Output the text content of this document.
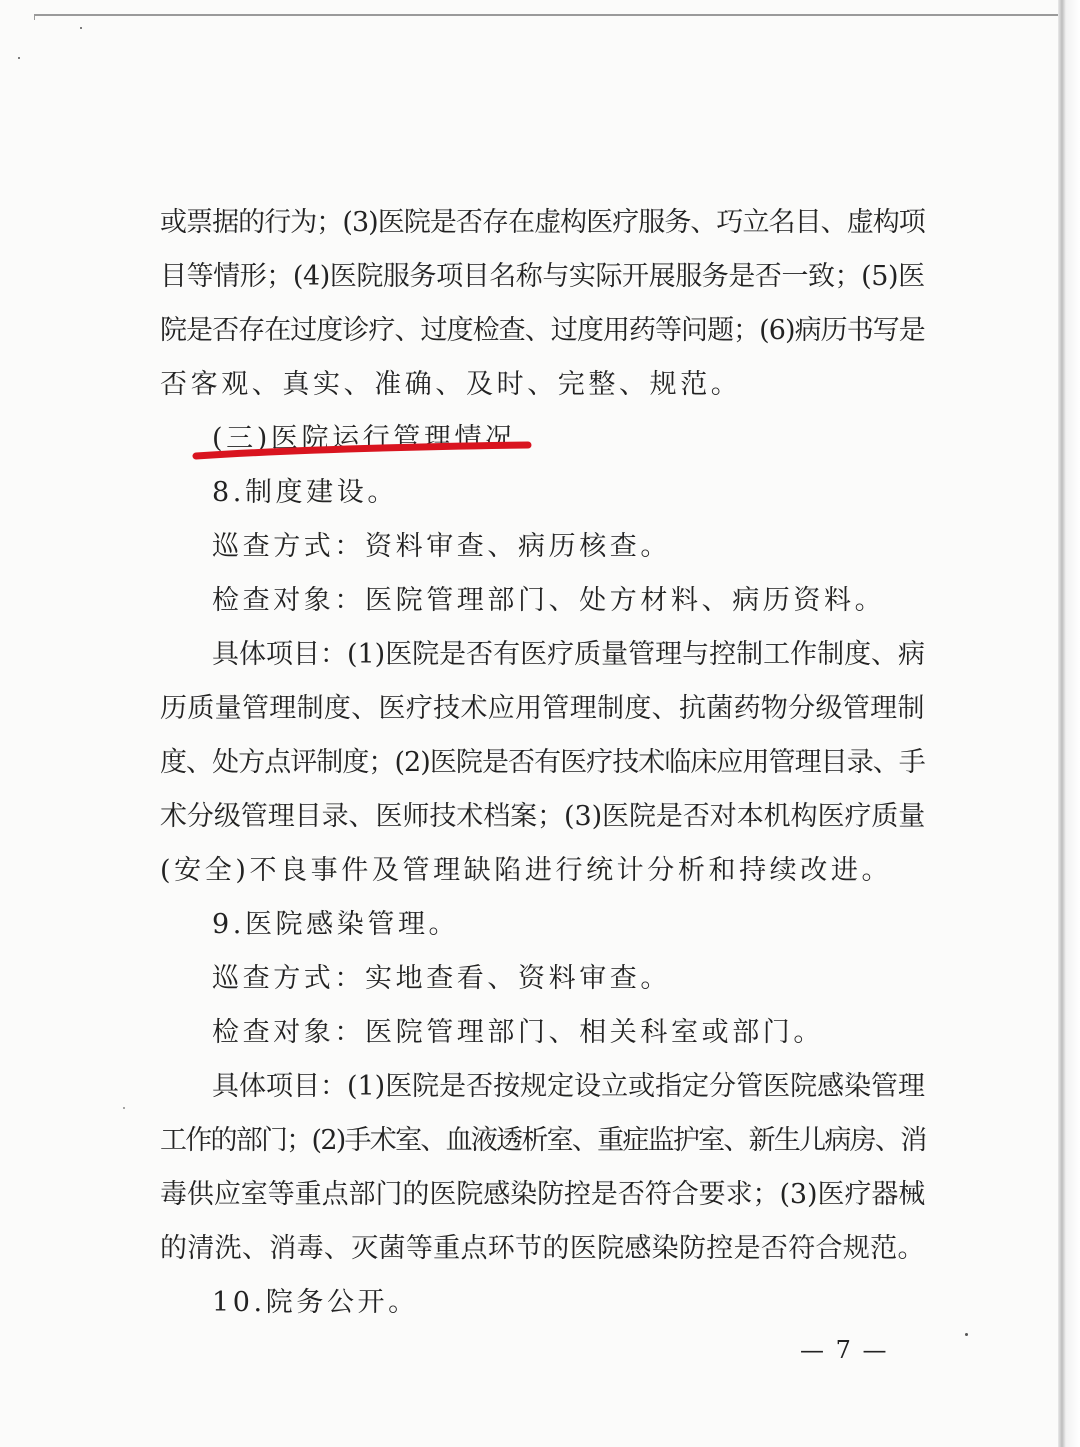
或票据的行为；(3)医院是否存在虚构医疗服务、巧立名目、虚构项
目等情形；(4)医院服务项目名称与实际开展服务是否一致；(5)医
院是否存在过度诊疗、过度检查、过度用药等问题；(6)病历书写是
否客观、真实、准确、及时、完整、规范。
(三)医院运行管理情况
8.制度建设。
巡查方式：资料审查、病历核查。
检查对象：医院管理部门、处方材料、病历资料。
具体项目：(1)医院是否有医疗质量管理与控制工作制度、病
历质量管理制度、医疗技术应用管理制度、抗菌药物分级管理制
度、处方点评制度；(2)医院是否有医疗技术临床应用管理目录、手
术分级管理目录、医师技术档案；(3)医院是否对本机构医疗质量
(安全)不良事件及管理缺陷进行统计分析和持续改进。
9.医院感染管理。
巡查方式：实地查看、资料审查。
检查对象：医院管理部门、相关科室或部门。
具体项目：(1)医院是否按规定设立或指定分管医院感染管理
工作的部门；(2)手术室、血液透析室、重症监护室、新生儿病房、消
毒供应室等重点部门的医院感染防控是否符合要求；(3)医疗器械
的清洗、消毒、灭菌等重点环节的医院感染防控是否符合规范。
10.院务公开。
— 7 —
